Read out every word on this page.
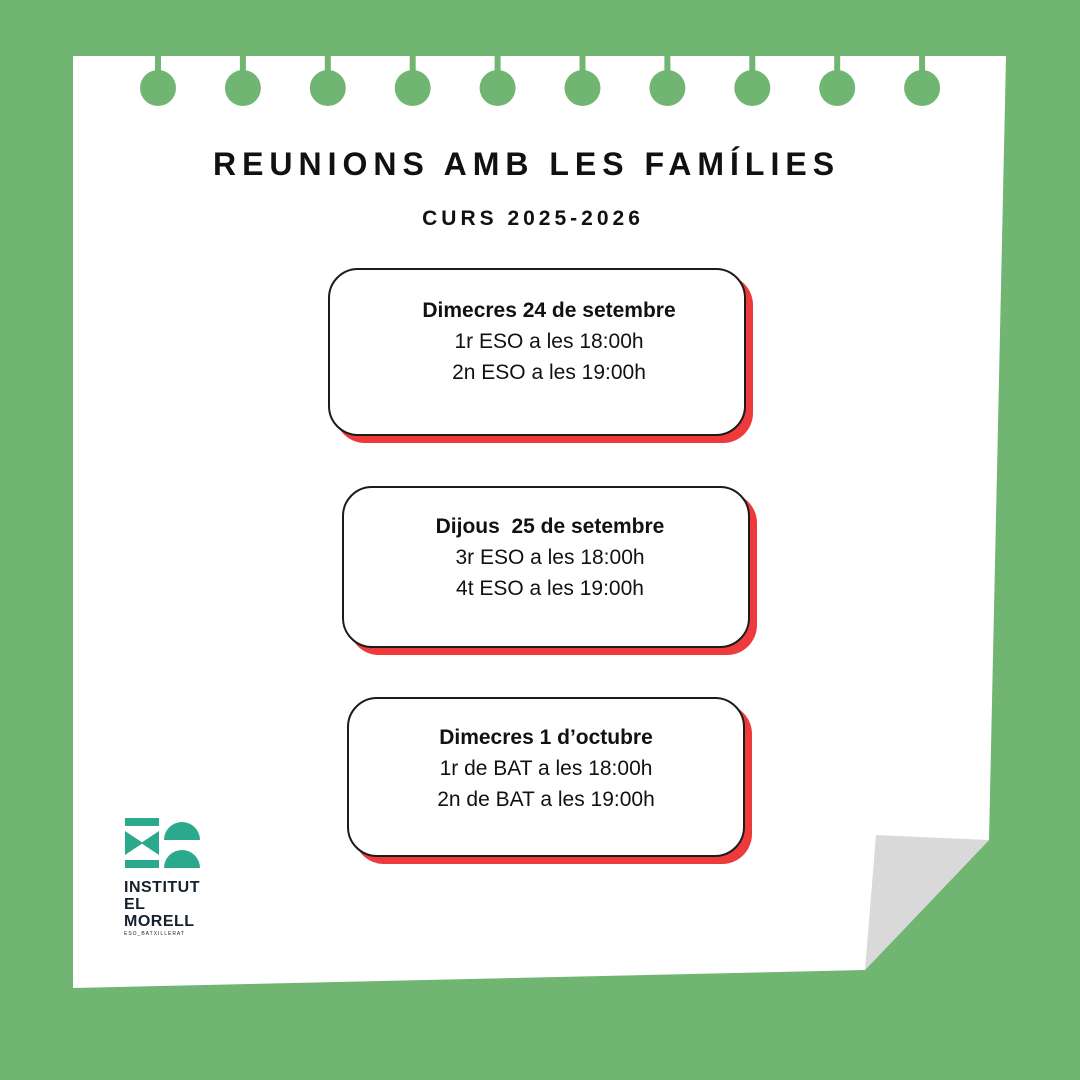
REUNIONS AMB LES FAMÍLIES
CURS 2025-2026
Dimecres 24 de setembre
1r ESO a les 18:00h
2n ESO a les 19:00h
Dijous  25 de setembre
3r ESO a les 18:00h
4t ESO a les 19:00h
Dimecres 1 d’octubre
1r de BAT a les 18:00h
2n de BAT a les 19:00h
INSTITUT
EL MORELL
ESO_BATXILLERAT
